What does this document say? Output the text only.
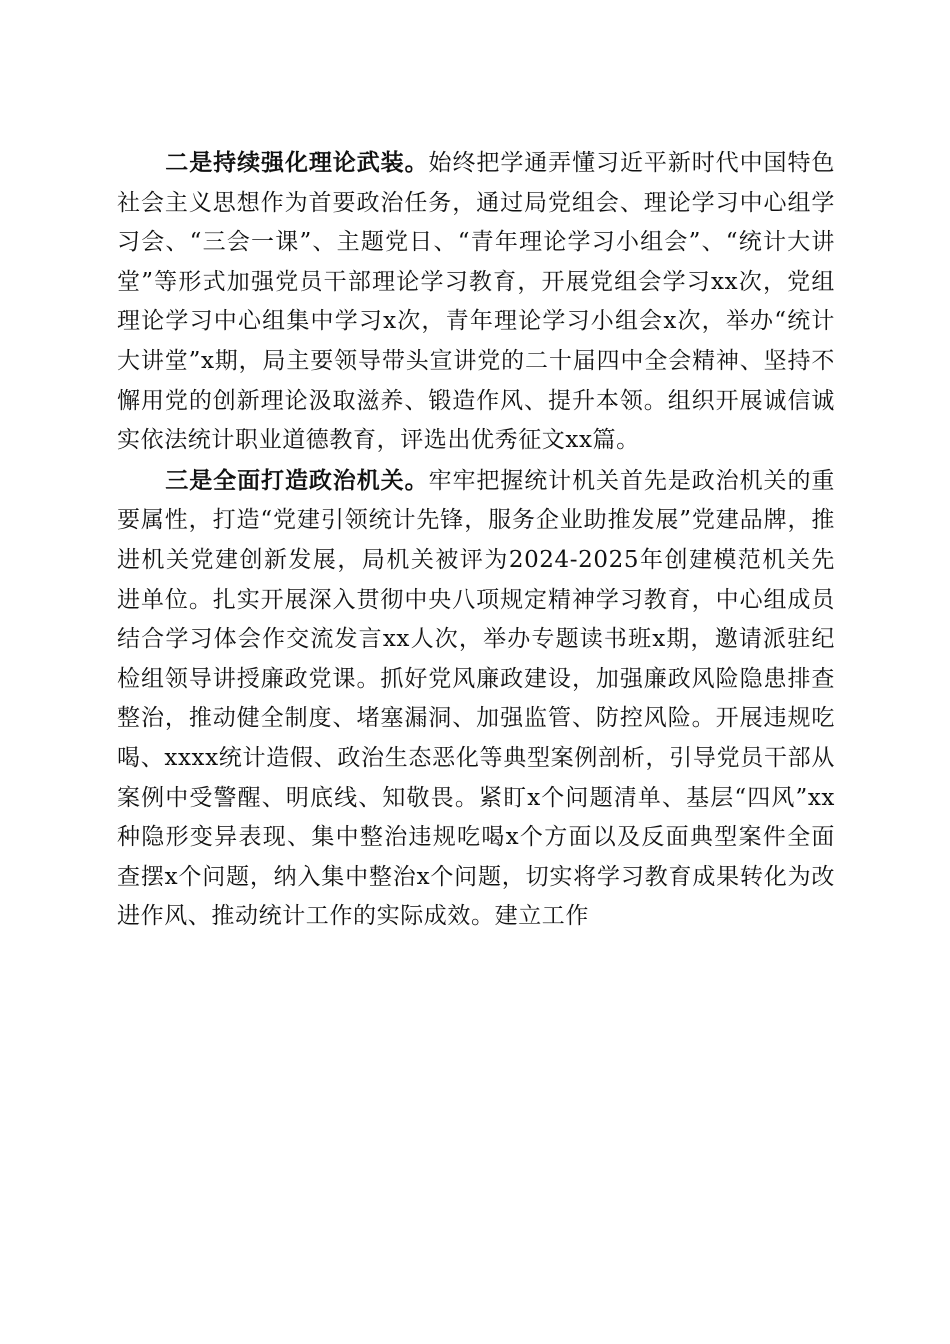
二是持续强化理论武装。始终把学通弄懂习近平新时代中国特色社会主义思想作为首要政治任务，通过局党组会、理论学习中心组学习会、“三会一课”、主题党日、“青年理论学习小组会”、“统计大讲堂”等形式加强党员干部理论学习教育，开展党组会学习xx次，党组理论学习中心组集中学习x次，青年理论学习小组会x次，举办“统计大讲堂”x期，局主要领导带头宣讲党的二十届四中全会精神、坚持不懈用党的创新理论汲取滋养、锻造作风、提升本领。组织开展诚信诚实依法统计职业道德教育，评选出优秀征文xx篇。

三是全面打造政治机关。牢牢把握统计机关首先是政治机关的重要属性，打造“党建引领统计先锋，服务企业助推发展”党建品牌，推进机关党建创新发展，局机关被评为2024-2025年创建模范机关先进单位。扎实开展深入贯彻中央八项规定精神学习教育，中心组成员结合学习体会作交流发言xx人次，举办专题读书班x期，邀请派驻纪检组领导讲授廉政党课。抓好党风廉政建设，加强廉政风险隐患排查整治，推动健全制度、堵塞漏洞、加强监管、防控风险。开展违规吃喝、xxxx统计造假、政治生态恶化等典型案例剖析，引导党员干部从案例中受警醒、明底线、知敬畏。紧盯x个问题清单、基层“四风”xx种隐形变异表现、集中整治违规吃喝x个方面以及反面典型案件全面查摆x个问题，纳入集中整治x个问题，切实将学习教育成果转化为改进作风、推动统计工作的实际成效。建立工作
